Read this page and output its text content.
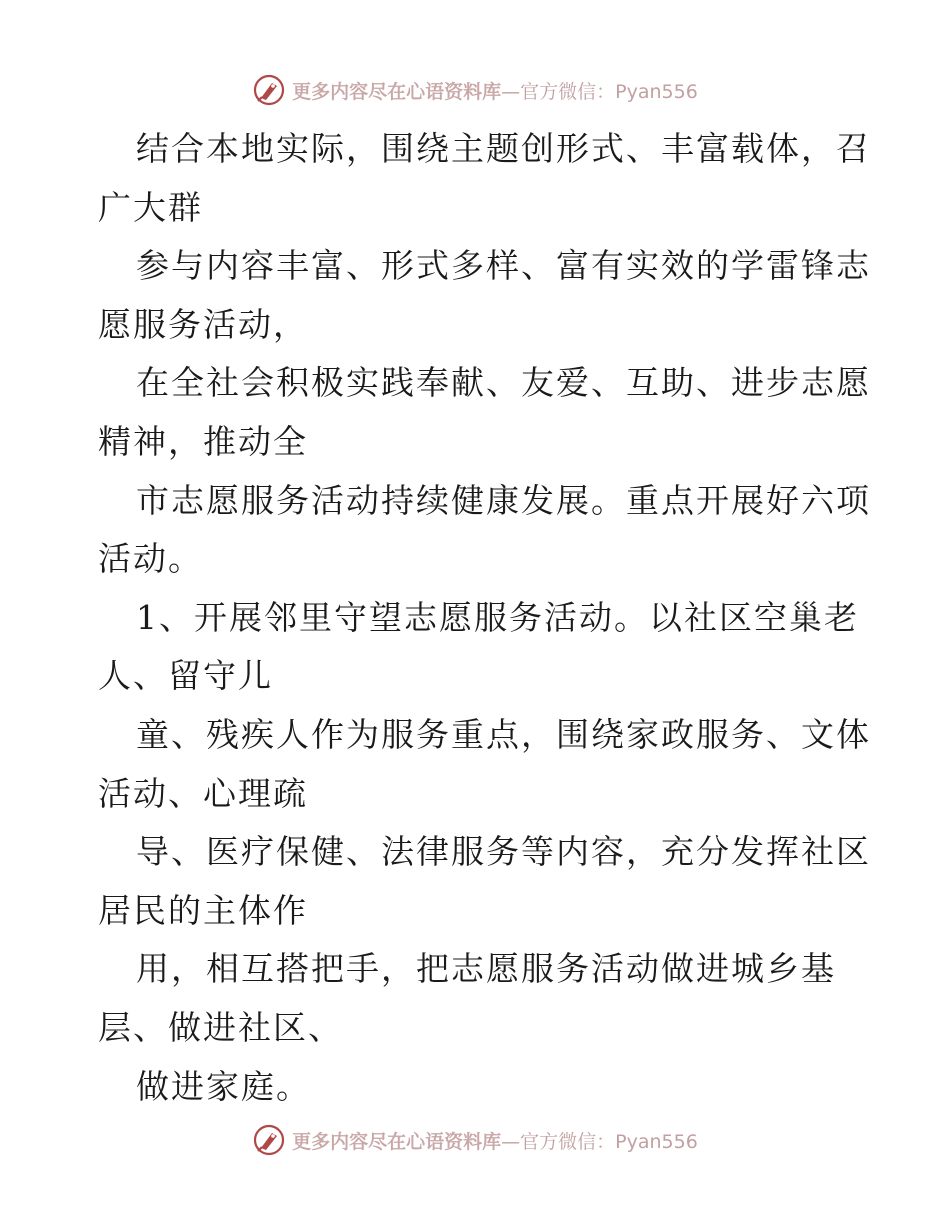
更多内容尽在心语资料库—官方微信：Pyan556
结合本地实际，围绕主题创形式、丰富载体，召
广大群
参与内容丰富、形式多样、富有实效的学雷锋志
愿服务活动，
在全社会积极实践奉献、友爱、互助、进步志愿
精神，推动全
市志愿服务活动持续健康发展。重点开展好六项
活动。
1、开展邻里守望志愿服务活动。以社区空巢老
人、留守儿
童、残疾人作为服务重点，围绕家政服务、文体
活动、心理疏
导、医疗保健、法律服务等内容，充分发挥社区
居民的主体作
用，相互搭把手，把志愿服务活动做进城乡基
层、做进社区、
做进家庭。
更多内容尽在心语资料库—官方微信：Pyan556
